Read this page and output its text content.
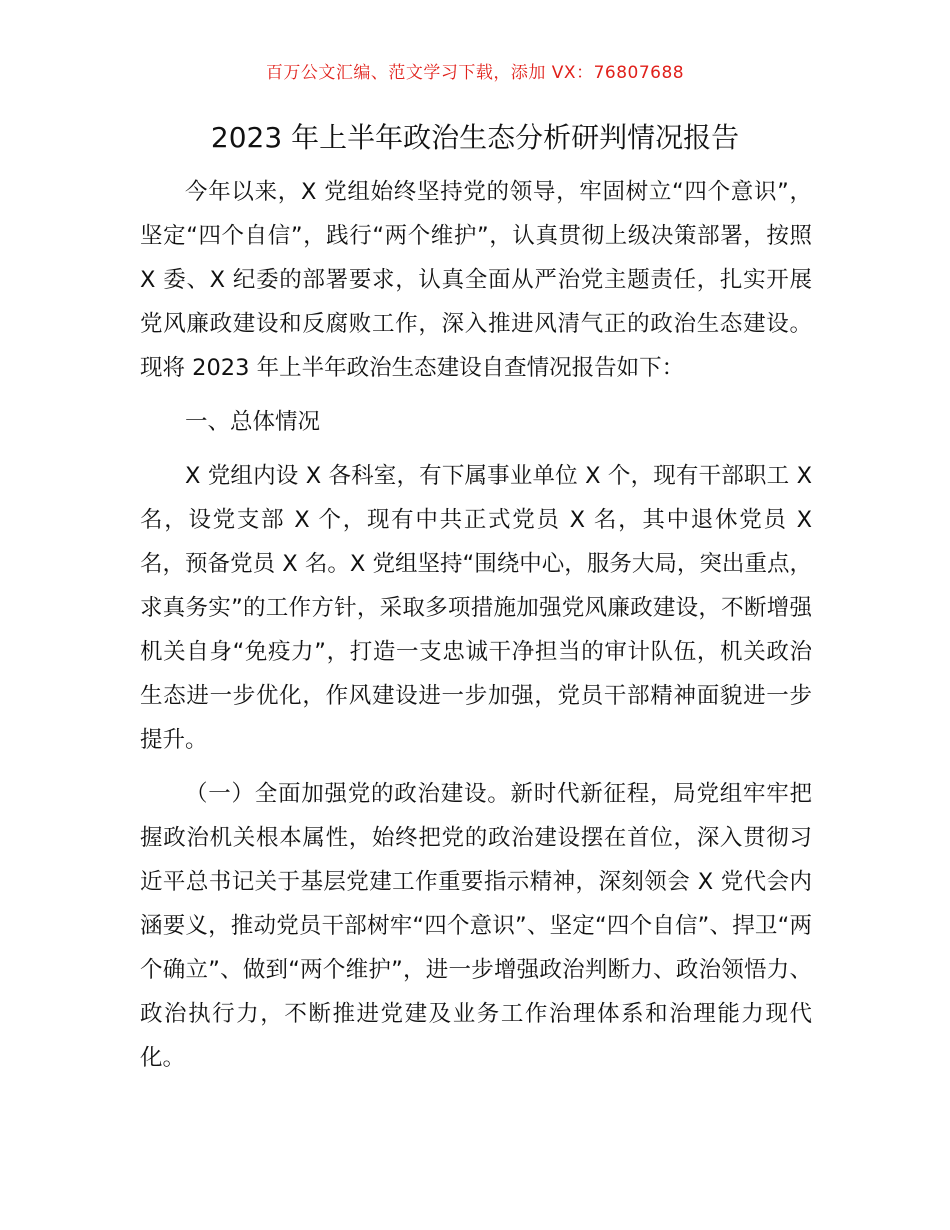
百万公文汇编、范文学习下载，添加 VX：76807688
2023 年上半年政治生态分析研判情况报告

今年以来，X 党组始终坚持党的领导，牢固树立“四个意识”，坚定“四个自信”，践行“两个维护”，认真贯彻上级决策部署，按照 X 委、X 纪委的部署要求，认真全面从严治党主题责任，扎实开展党风廉政建设和反腐败工作，深入推进风清气正的政治生态建设。现将 2023 年上半年政治生态建设自查情况报告如下：

一、总体情况

X 党组内设 X 各科室，有下属事业单位 X 个，现有干部职工 X 名，设党支部 X 个，现有中共正式党员 X 名，其中退休党员 X 名，预备党员 X 名。X 党组坚持“围绕中心，服务大局，突出重点，求真务实”的工作方针，采取多项措施加强党风廉政建设，不断增强机关自身“免疫力”，打造一支忠诚干净担当的审计队伍，机关政治生态进一步优化，作风建设进一步加强，党员干部精神面貌进一步提升。

（一）全面加强党的政治建设。新时代新征程，局党组牢牢把握政治机关根本属性，始终把党的政治建设摆在首位，深入贯彻习近平总书记关于基层党建工作重要指示精神，深刻领会 X 党代会内涵要义，推动党员干部树牢“四个意识”、坚定“四个自信”、捍卫“两个确立”、做到“两个维护”，进一步增强政治判断力、政治领悟力、政治执行力，不断推进党建及业务工作治理体系和治理能力现代化。
